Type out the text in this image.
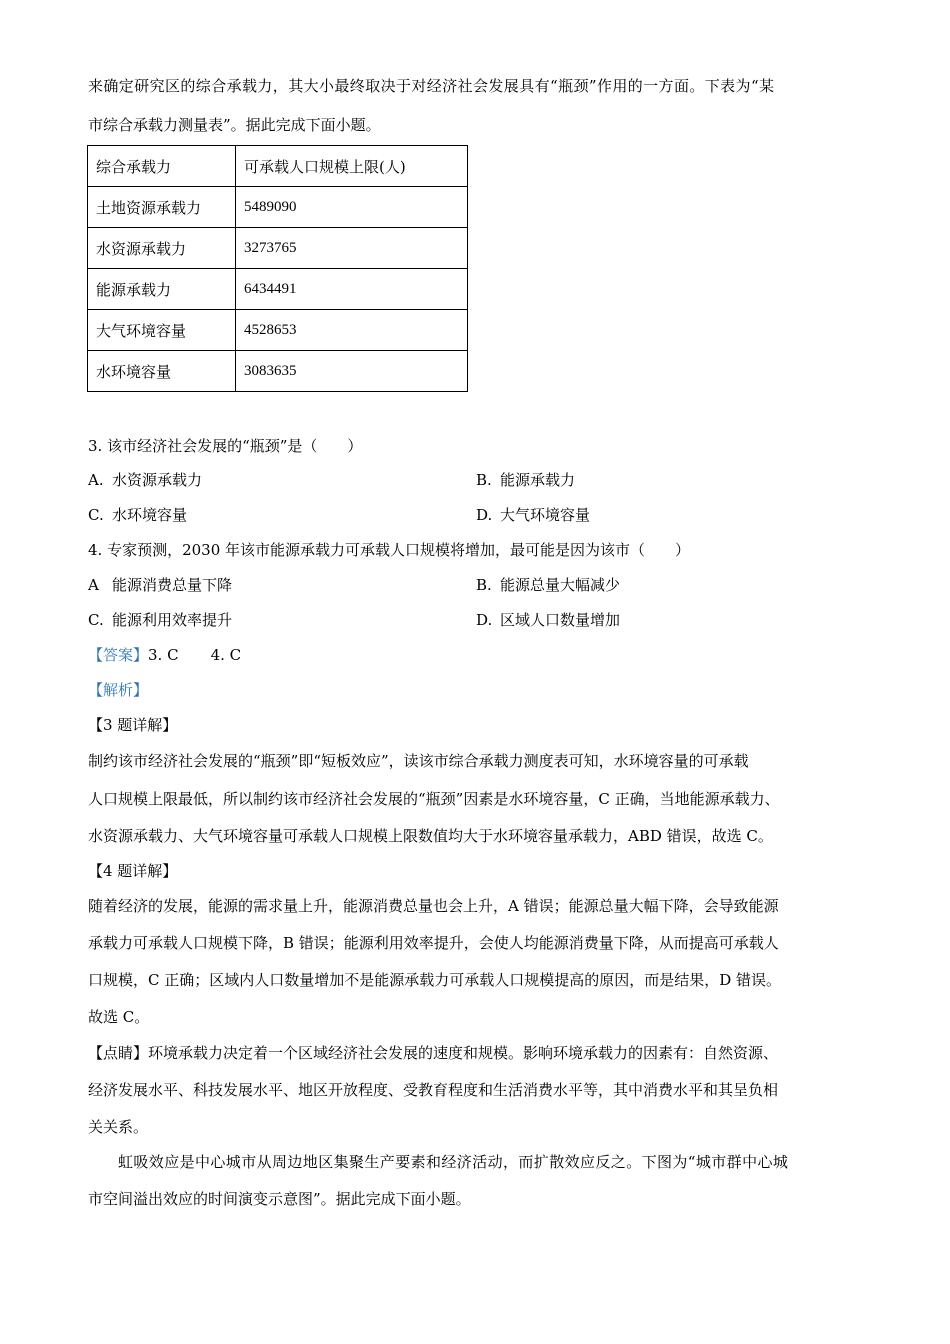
来确定研究区的综合承载力，其大小最终取决于对经济社会发展具有“瓶颈”作用的一方面。下表为“某
市综合承载力测量表”。据此完成下面小题。
综合承载力	可承载人口规模上限(人)
土地资源承载力	5489090
水资源承载力	3273765
能源承载力	6434491
大气环境容量	4528653
水环境容量	3083635
3. 该市经济社会发展的“瓶颈”是（　　）
A. 水资源承载力	B. 能源承载力
C. 水环境容量	D. 大气环境容量
4. 专家预测，2030 年该市能源承载力可承载人口规模将增加，最可能是因为该市（　　）
A 能源消费总量下降	B. 能源总量大幅减少
C. 能源利用效率提升	D. 区域人口数量增加
【答案】3. C 4. C
【解析】
【3 题详解】
制约该市经济社会发展的“瓶颈”即“短板效应”，读该市综合承载力测度表可知，水环境容量的可承载
人口规模上限最低，所以制约该市经济社会发展的“瓶颈”因素是水环境容量，C 正确，当地能源承载力、
水资源承载力、大气环境容量可承载人口规模上限数值均大于水环境容量承载力，ABD 错误，故选 C。
【4 题详解】
随着经济的发展，能源的需求量上升，能源消费总量也会上升，A 错误；能源总量大幅下降，会导致能源
承载力可承载人口规模下降，B 错误；能源利用效率提升，会使人均能源消费量下降，从而提高可承载人
口规模，C 正确；区域内人口数量增加不是能源承载力可承载人口规模提高的原因，而是结果，D 错误。
故选 C。
【点睛】环境承载力决定着一个区域经济社会发展的速度和规模。影响环境承载力的因素有：自然资源、
经济发展水平、科技发展水平、地区开放程度、受教育程度和生活消费水平等，其中消费水平和其呈负相
关关系。
虹吸效应是中心城市从周边地区集聚生产要素和经济活动，而扩散效应反之。下图为“城市群中心城
市空间溢出效应的时间演变示意图”。据此完成下面小题。
